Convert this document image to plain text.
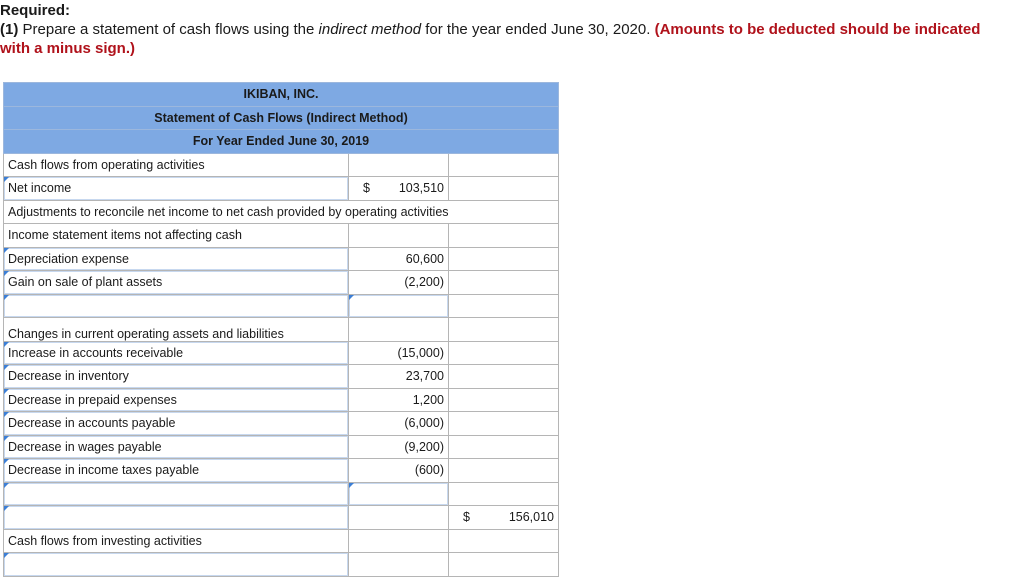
Required:
(1) Prepare a statement of cash flows using the indirect method for the year ended June 30, 2020. (Amounts to be deducted should be indicated with a minus sign.)
IKIBAN, INC.		
Statement of Cash Flows (Indirect Method)		
For Year Ended June 30, 2019		
Cash flows from operating activities		
Net income	$ 103,510	

Adjustments to reconcile net income to net cash provided by operating activities		
Income statement items not affecting cash		
Depreciation expense	60,600	
Gain on sale of plant assets	(2,200)	

Changes in current operating assets and liabilities		
Increase in accounts receivable	(15,000)	
Decrease in inventory	23,700	
Decrease in prepaid expenses	1,200	
Decrease in accounts payable	(6,000)	
Decrease in wages payable	(9,200)	
Decrease in income taxes payable	(600)	

		$ 156,010

Cash flows from investing activities		
